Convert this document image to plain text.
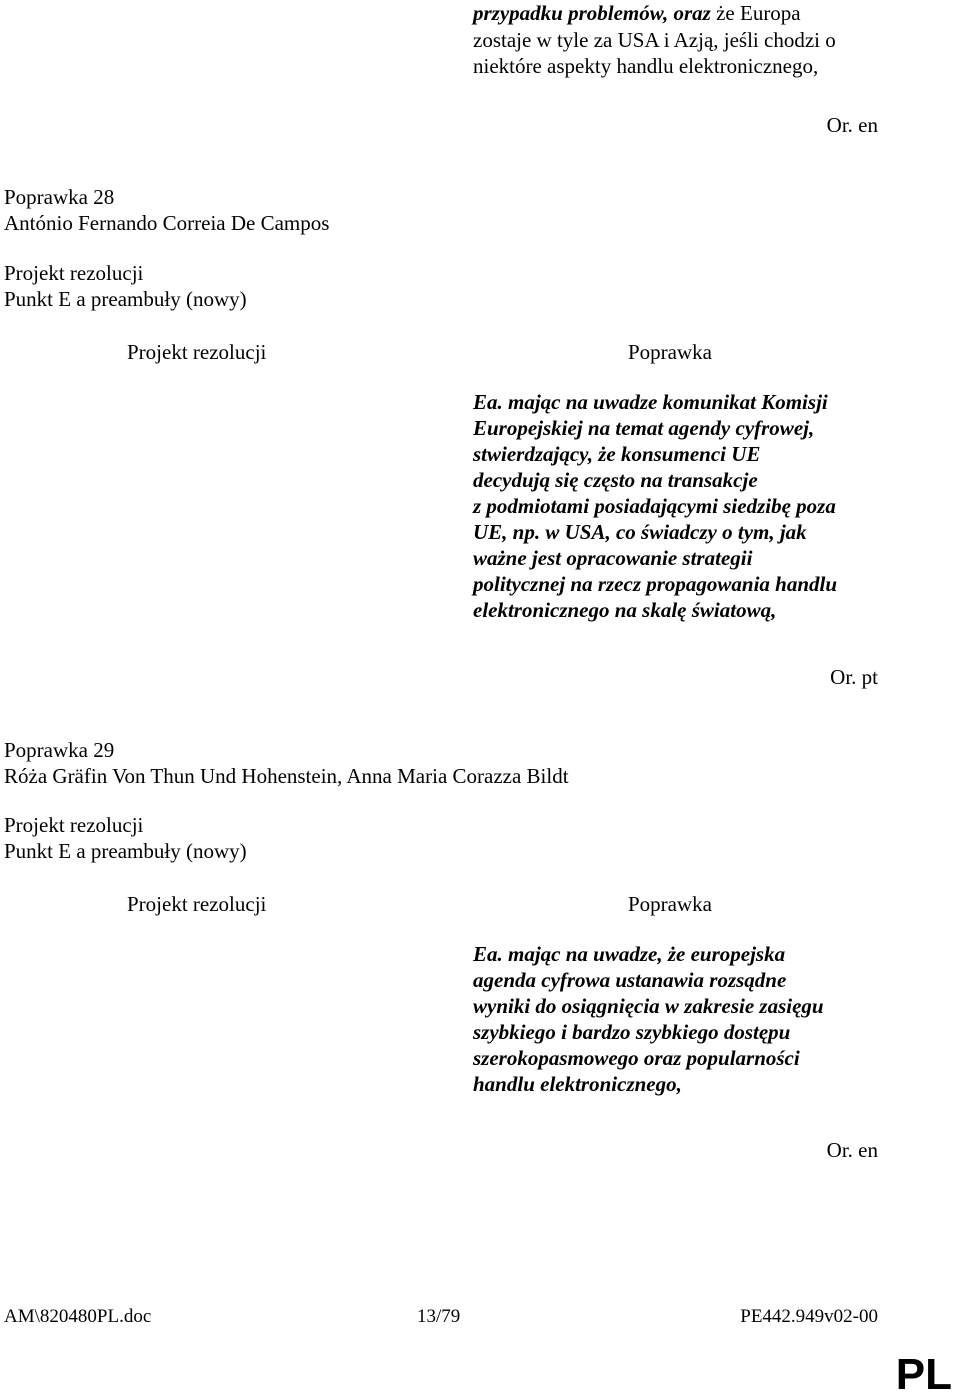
przypadku problemów, oraz że Europa
zostaje w tyle za USA i Azją, jeśli chodzi o
niektóre aspekty handlu elektronicznego,
Or. en
Poprawka 28
António Fernando Correia De Campos
Projekt rezolucji
Punkt E a preambuły (nowy)
Projekt rezolucji	Poprawka
Ea. mając na uwadze komunikat Komisji
Europejskiej na temat agendy cyfrowej,
stwierdzający, że konsumenci UE
decydują się często na transakcje
z podmiotami posiadającymi siedzibę poza
UE, np. w USA, co świadczy o tym, jak
ważne jest opracowanie strategii
politycznej na rzecz propagowania handlu
elektronicznego na skalę światową,
Or. pt
Poprawka 29
Róża Gräfin Von Thun Und Hohenstein, Anna Maria Corazza Bildt
Projekt rezolucji
Punkt E a preambuły (nowy)
Projekt rezolucji	Poprawka
Ea. mając na uwadze, że europejska
agenda cyfrowa ustanawia rozsądne
wyniki do osiągnięcia w zakresie zasięgu
szybkiego i bardzo szybkiego dostępu
szerokopasmowego oraz popularności
handlu elektronicznego,
Or. en
AM\820480PL.doc	13/79	PE442.949v02-00
PL
